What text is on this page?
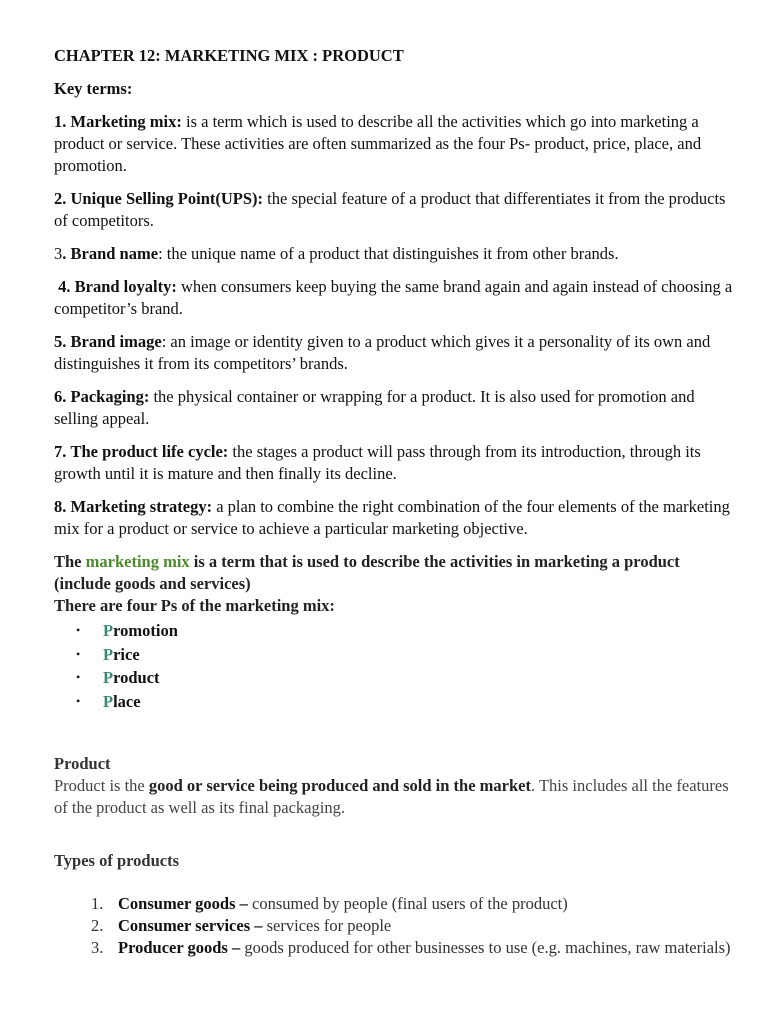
CHAPTER 12: MARKETING MIX : PRODUCT
Key terms:

1. Marketing mix: is a term which is used to describe all the activities which go into marketing a product or service. These activities are often summarized as the four Ps- product, price, place, and promotion.

2. Unique Selling Point(UPS): the special feature of a product that differentiates it from the products of competitors.

3. Brand name: the unique name of a product that distinguishes it from other brands.

4. Brand loyalty: when consumers keep buying the same brand again and again instead of choosing a competitor’s brand.

5. Brand image: an image or identity given to a product which gives it a personality of its own and distinguishes it from its competitors’ brands.

6. Packaging: the physical container or wrapping for a product. It is also used for promotion and selling appeal.

7. The product life cycle: the stages a product will pass through from its introduction, through its growth until it is mature and then finally its decline.

8. Marketing strategy: a plan to combine the right combination of the four elements of the marketing mix for a product or service to achieve a particular marketing objective.

The marketing mix is a term that is used to describe the activities in marketing a product (include goods and services)

There are four Ps of the marketing mix:

• Promotion
• Price
• Product
• Place
Product

Product is the good or service being produced and sold in the market. This includes all the features of the product as well as its final packaging.

Types of products
1. Consumer goods – consumed by people (final users of the product)
2. Consumer services – services for people
3. Producer goods – goods produced for other businesses to use (e.g. machines, raw materials)
